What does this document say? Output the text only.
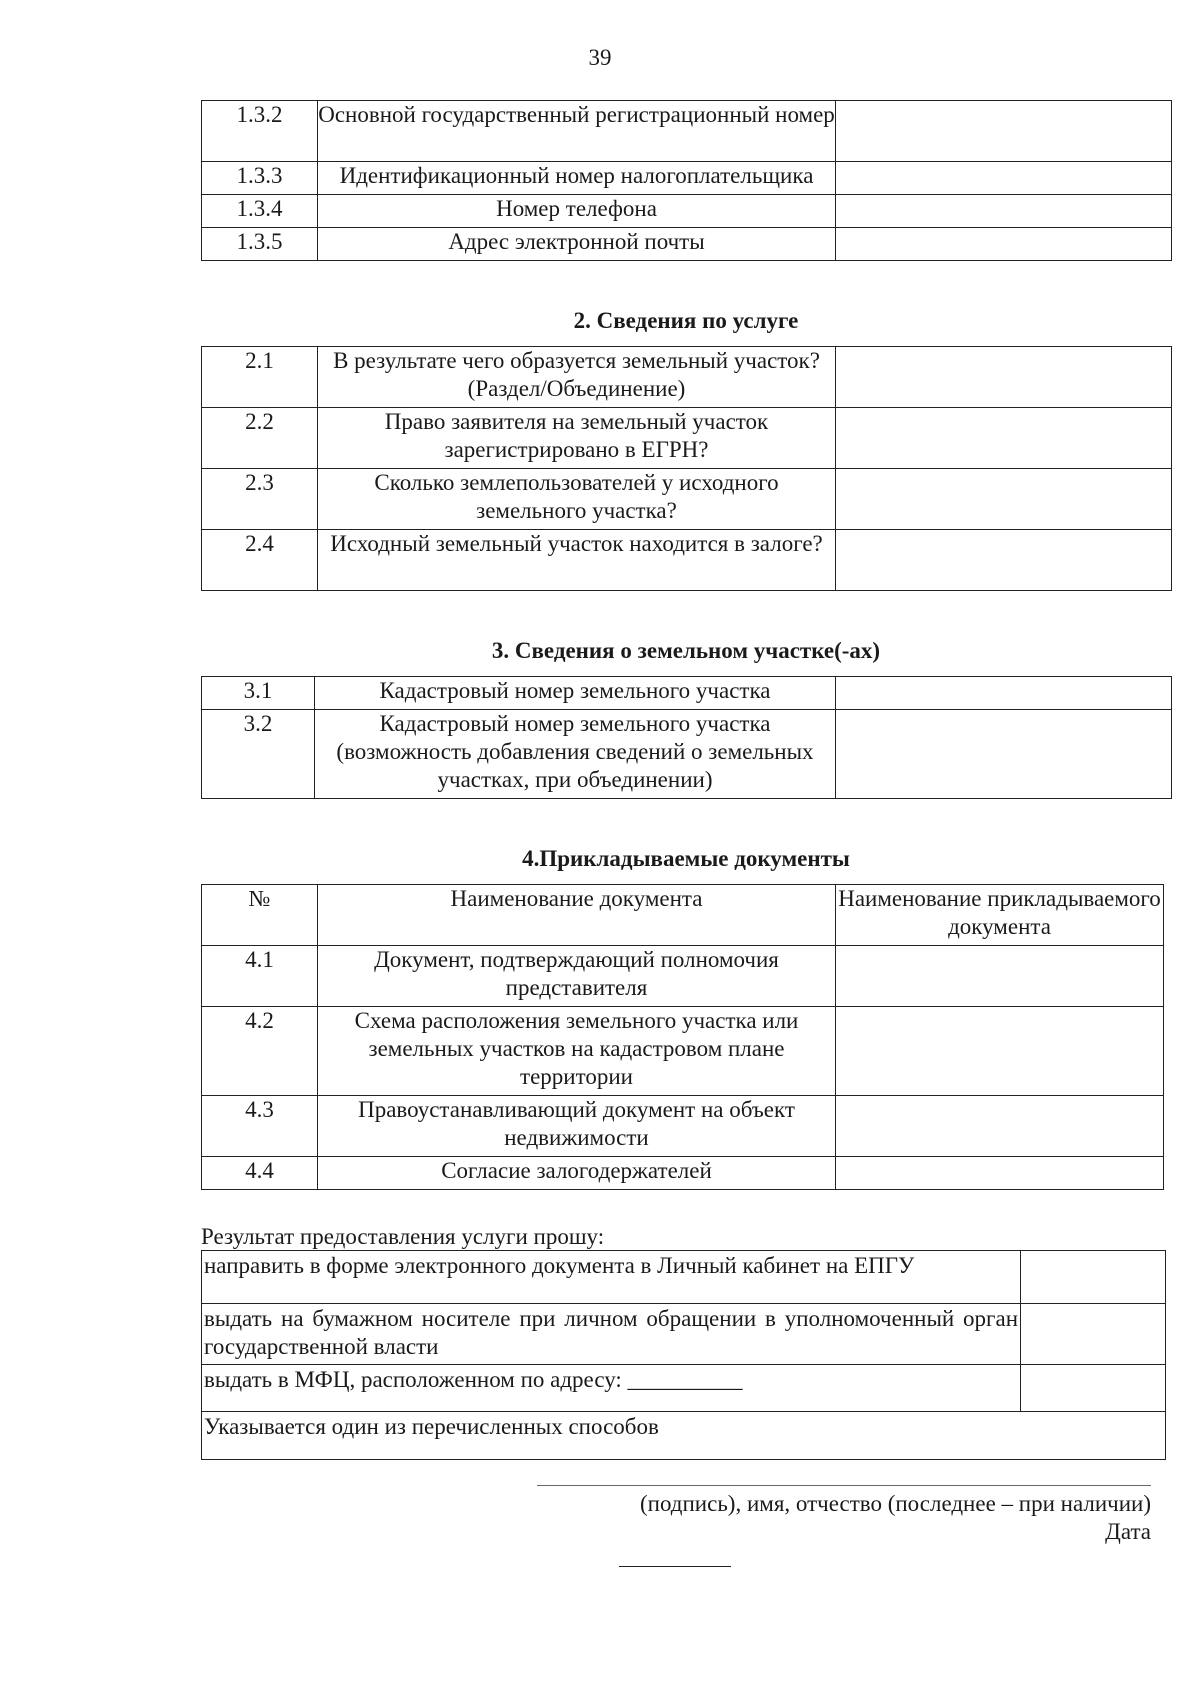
39
1.3.2	Основной государственный регистрационный номер	
1.3.3	Идентификационный номер налогоплательщика	
1.3.4	Номер телефона	
1.3.5	Адрес электронной почты	
2. Сведения по услуге
2.1	В результате чего образуется земельный участок? (Раздел/Объединение)	
2.2	Право заявителя на земельный участок зарегистрировано в ЕГРН?	
2.3	Сколько землепользователей у исходного земельного участка?	
2.4	Исходный земельный участок находится в залоге?	
3. Сведения о земельном участке(-ах)
3.1	Кадастровый номер земельного участка	
3.2	Кадастровый номер земельного участка (возможность добавления сведений о земельных участках, при объединении)	
4.Прикладываемые документы
№	Наименование документа	Наименование прикладываемого документа
4.1	Документ, подтверждающий полномочия представителя	
4.2	Схема расположения земельного участка или земельных участков на кадастровом плане территории	
4.3	Правоустанавливающий документ на объект недвижимости	
4.4	Согласие залогодержателей	
Результат предоставления услуги прошу:
направить в форме электронного документа в Личный кабинет на ЕПГУ	
выдать на бумажном носителе при личном обращении в уполномоченный орган государственной власти	
выдать в МФЦ, расположенном по адресу: __________	
Указывается один из перечисленных способов	
(подпись), имя, отчество (последнее – при наличии)
Дата
